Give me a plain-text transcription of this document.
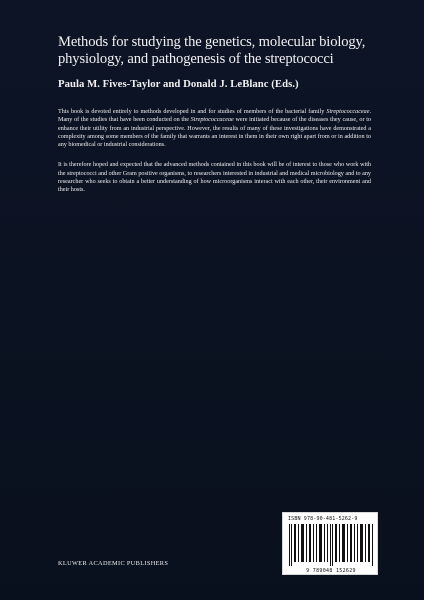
Methods for studying the genetics, molecular biology,
physiology, and pathogenesis of the streptococci
Paula M. Fives-Taylor and Donald J. LeBlanc (Eds.)

This book is devoted entirely to methods developed in and for studies of members of the bacterial family Streptococcaceae. Many of the studies that have been conducted on the Streptococcaceae were initiated because of the diseases they cause, or to enhance their utility from an industrial perspective. However, the results of many of these investigations have demonstrated a complexity among some members of the family that warrants an interest in them in their own right apart from or in addition to any biomedical or industrial considerations.

It is therefore hoped and expected that the advanced methods contained in this book will be of interest to those who work with the streptococci and other Gram positive organisms, to researchers interested in industrial and medical microbiology and to any researcher who seeks to obtain a better understanding of how microorganisms interact with each other, their environment and their hosts.

ISBN 978-90-481-5262-9
9 789048 152629
KLUWER ACADEMIC PUBLISHERS
